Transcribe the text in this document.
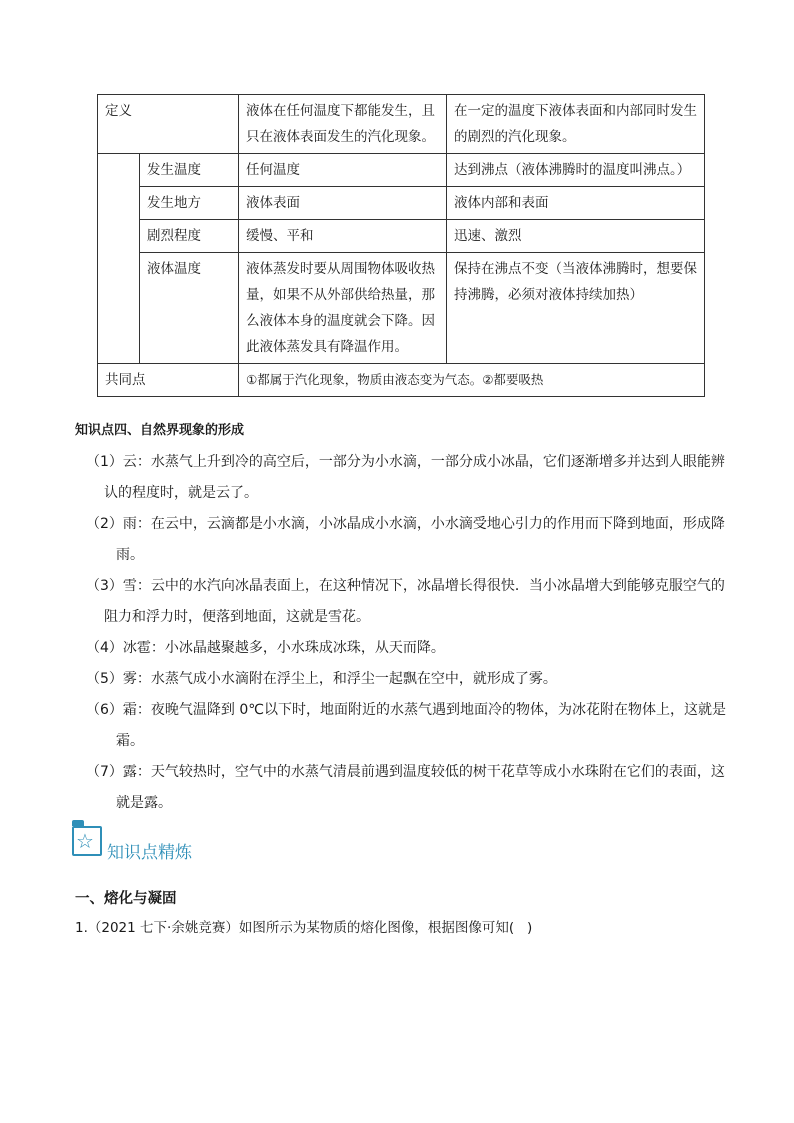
定义		液体在任何温度下都能发生，且只在液体表面发生的汽化现象。	在一定的温度下液体表面和内部同时发生的剧烈的汽化现象。
	发生温度	任何温度	达到沸点（液体沸腾时的温度叫沸点。）
	发生地方	液体表面	液体内部和表面
	剧烈程度	缓慢、平和	迅速、激烈
	液体温度	液体蒸发时要从周围物体吸收热量，如果不从外部供给热量，那么液体本身的温度就会下降。因此液体蒸发具有降温作用。	保持在沸点不变（当液体沸腾时，想要保持沸腾，必须对液体持续加热）
共同点		①都属于汽化现象，物质由液态变为气态。②都要吸热	
知识点四、自然界现象的形成
（1）云：水蒸气上升到冷的高空后，一部分为小水滴，一部分成小冰晶，它们逐渐增多并达到人眼能辨
认的程度时，就是云了。
（2）雨：在云中，云滴都是小水滴，小冰晶成小水滴，小水滴受地心引力的作用而下降到地面，形成降
雨。
（3）雪：云中的水汽向冰晶表面上，在这种情况下，冰晶增长得很快．当小冰晶增大到能够克服空气的
阻力和浮力时，便落到地面，这就是雪花。
（4）冰雹：小冰晶越聚越多，小水珠成冰珠，从天而降。
（5）雾：水蒸气成小水滴附在浮尘上，和浮尘一起飘在空中，就形成了雾。
（6）霜：夜晚气温降到 0℃以下时，地面附近的水蒸气遇到地面冷的物体，为冰花附在物体上，这就是
霜。
（7）露：天气较热时，空气中的水蒸气清晨前遇到温度较低的树干花草等成小水珠附在它们的表面，这
就是露。
☆ 知识点精炼
一、熔化与凝固
1.（2021 七下·余姚竞赛）如图所示为某物质的熔化图像，根据图像可知(   )
